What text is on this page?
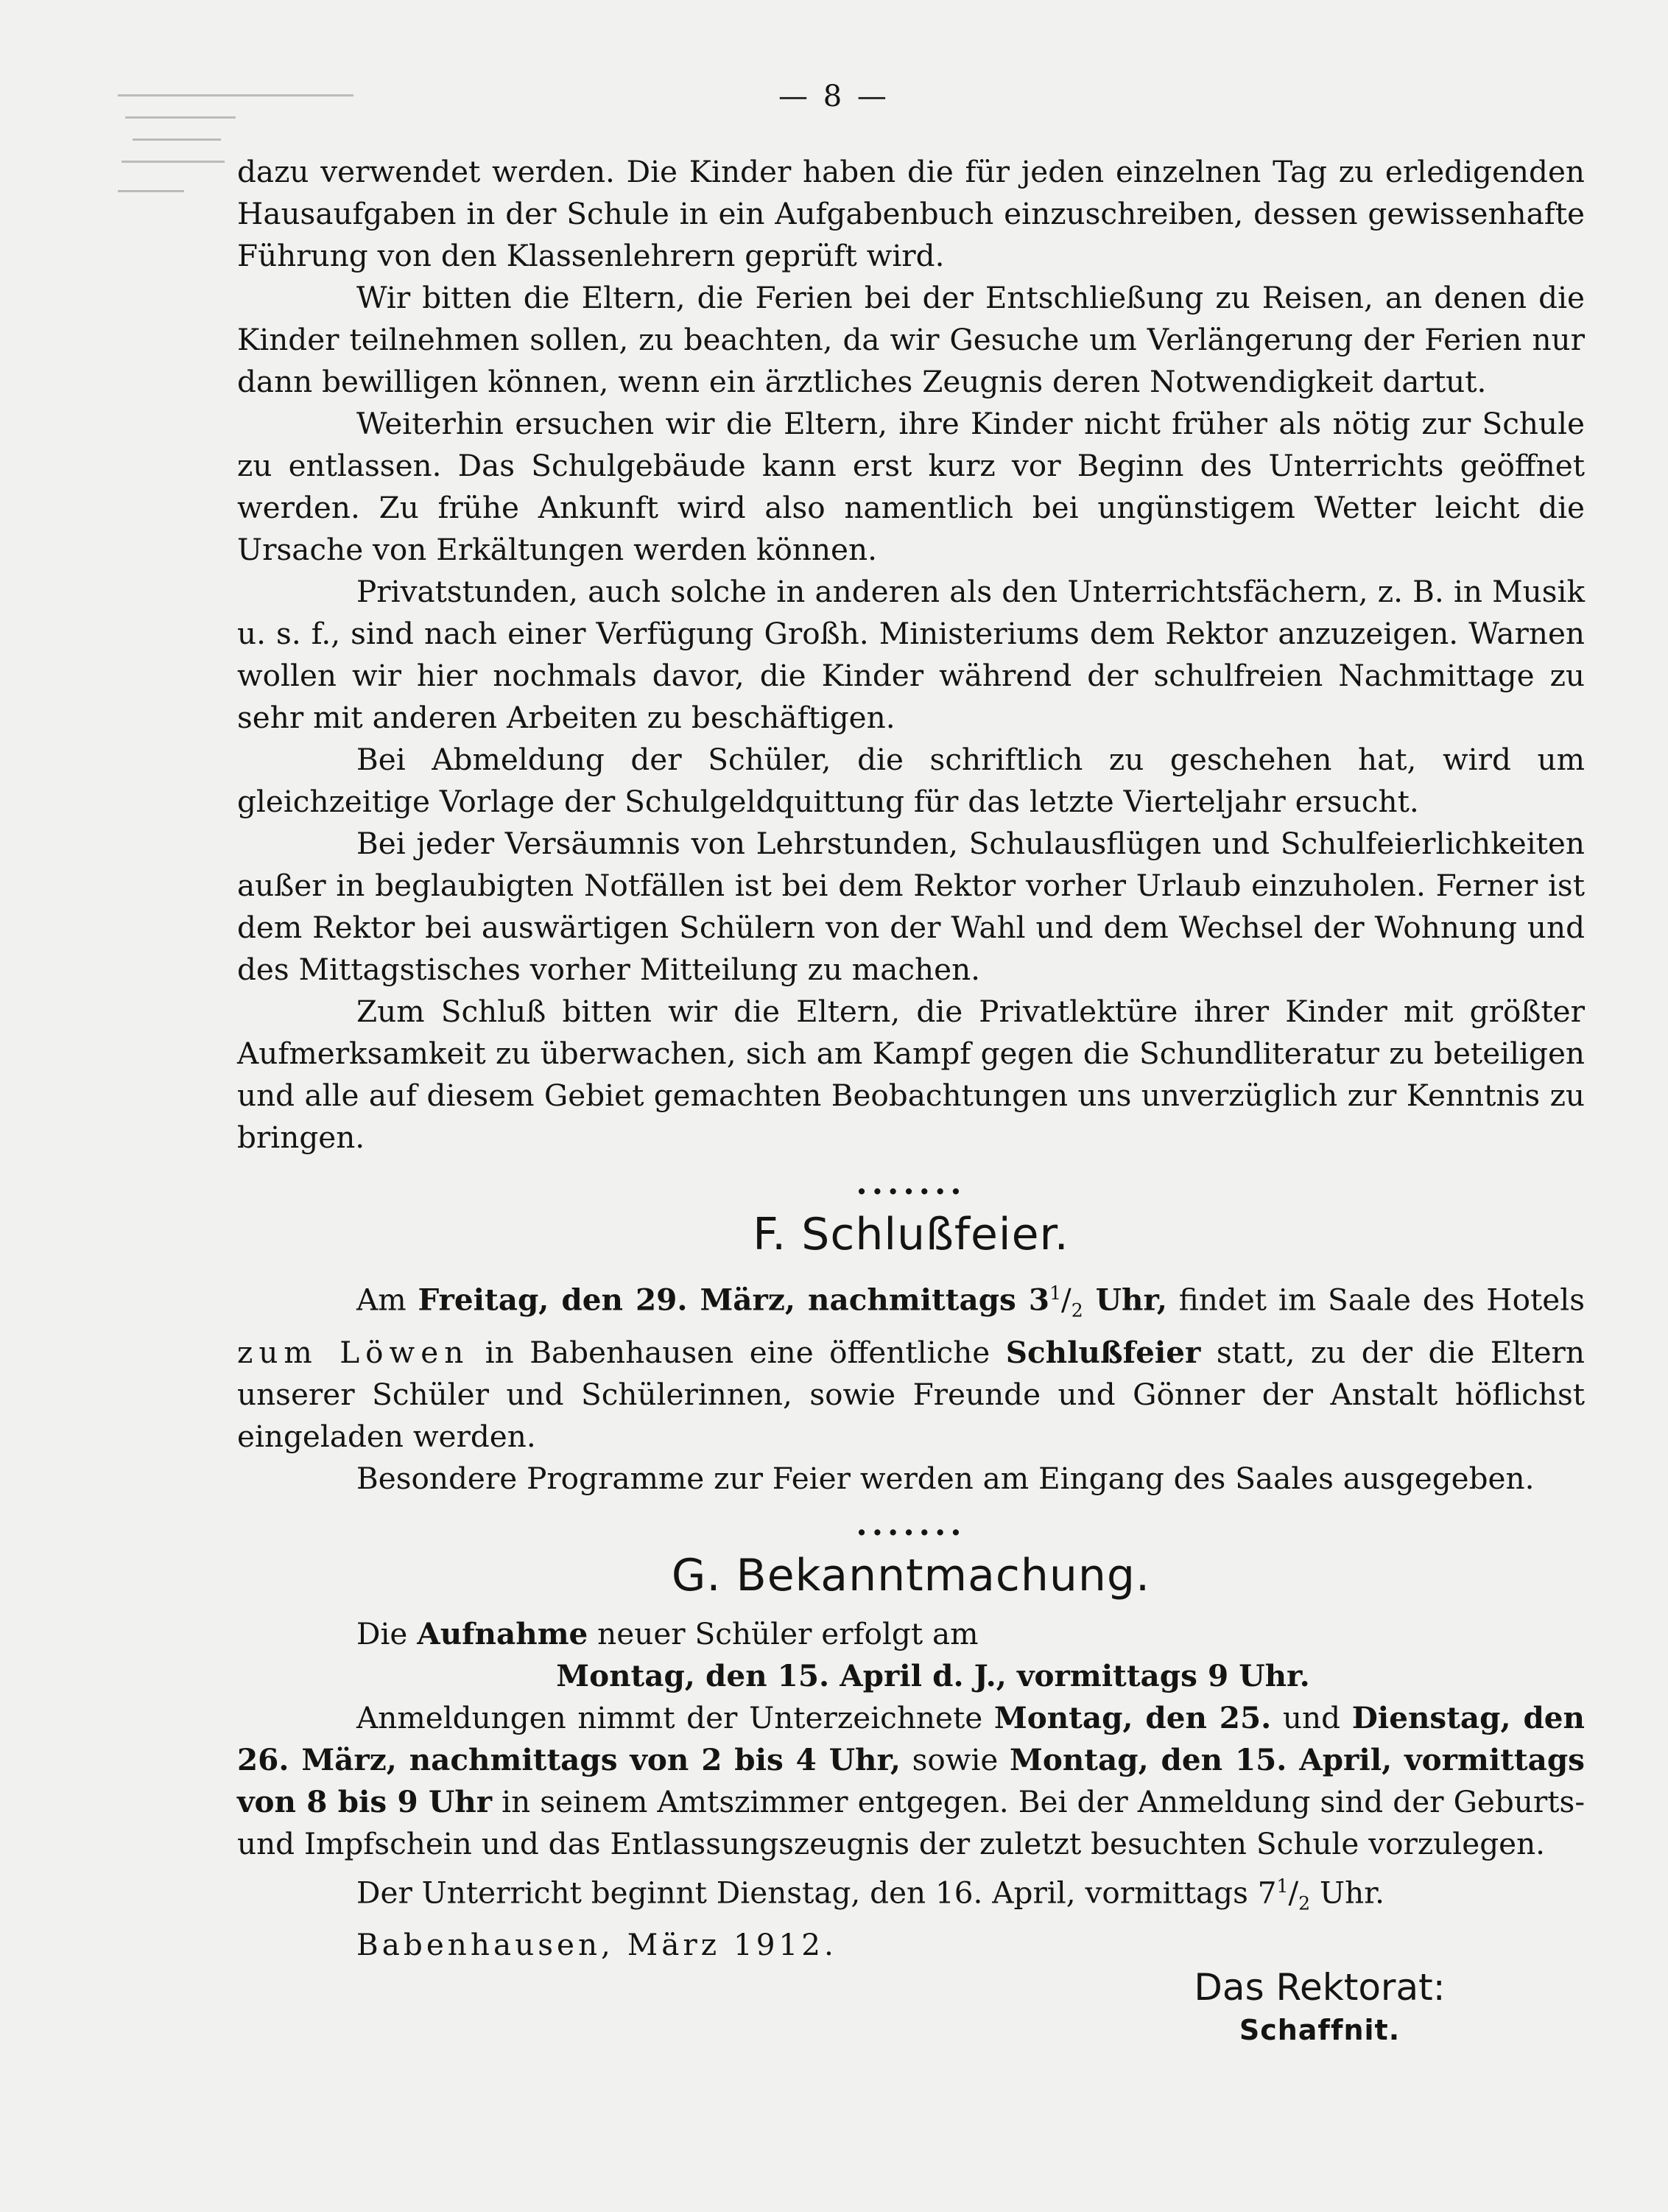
— 8 —

dazu verwendet werden. Die Kinder haben die für jeden einzelnen Tag zu erledigenden Hausaufgaben in der Schule in ein Aufgabenbuch einzuschreiben, dessen gewissenhafte Führung von den Klassenlehrern geprüft wird.

Wir bitten die Eltern, die Ferien bei der Entschließung zu Reisen, an denen die Kinder teilnehmen sollen, zu beachten, da wir Gesuche um Verlängerung der Ferien nur dann bewilligen können, wenn ein ärztliches Zeugnis deren Notwendigkeit dartut.

Weiterhin ersuchen wir die Eltern, ihre Kinder nicht früher als nötig zur Schule zu entlassen. Das Schulgebäude kann erst kurz vor Beginn des Unterrichts geöffnet werden. Zu frühe Ankunft wird also namentlich bei ungünstigem Wetter leicht die Ursache von Erkältungen werden können.

Privatstunden, auch solche in anderen als den Unterrichtsfächern, z. B. in Musik u. s. f., sind nach einer Verfügung Großh. Ministeriums dem Rektor anzuzeigen. Warnen wollen wir hier nochmals davor, die Kinder während der schulfreien Nachmittage zu sehr mit anderen Arbeiten zu beschäftigen.

Bei Abmeldung der Schüler, die schriftlich zu geschehen hat, wird um gleichzeitige Vorlage der Schulgeldquittung für das letzte Vierteljahr ersucht.

Bei jeder Versäumnis von Lehrstunden, Schulausflügen und Schulfeierlichkeiten außer in beglaubigten Notfällen ist bei dem Rektor vorher Urlaub einzuholen. Ferner ist dem Rektor bei auswärtigen Schülern von der Wahl und dem Wechsel der Wohnung und des Mittagstisches vorher Mitteilung zu machen.

Zum Schluß bitten wir die Eltern, die Privatlektüre ihrer Kinder mit größter Aufmerksamkeit zu überwachen, sich am Kampf gegen die Schundliteratur zu beteiligen und alle auf diesem Gebiet gemachten Beobachtungen uns unverzüglich zur Kenntnis zu bringen.

.......
F. Schlußfeier.

Am Freitag, den 29. März, nachmittags $3^1/_2$ Uhr, findet im Saale des Hotels zum Löwen in Babenhausen eine öffentliche Schlußfeier statt, zu der die Eltern unserer Schüler und Schülerinnen, sowie Freunde und Gönner der Anstalt höflichst eingeladen werden.

Besondere Programme zur Feier werden am Eingang des Saales ausgegeben.

.......
G. Bekanntmachung.

Die Aufnahme neuer Schüler erfolgt am

Montag, den 15. April d. J., vormittags 9 Uhr.

Anmeldungen nimmt der Unterzeichnete Montag, den 25. und Dienstag, den 26. März, nachmittags von 2 bis 4 Uhr, sowie Montag, den 15. April, vormittags von 8 bis 9 Uhr in seinem Amtszimmer entgegen. Bei der Anmeldung sind der Geburts- und Impfschein und das Entlassungszeugnis der zuletzt besuchten Schule vorzulegen.

Der Unterricht beginnt Dienstag, den 16. April, vormittags $7^1/_2$ Uhr.

Babenhausen, März 1912.
Das Rektorat:
Schaffnit.
